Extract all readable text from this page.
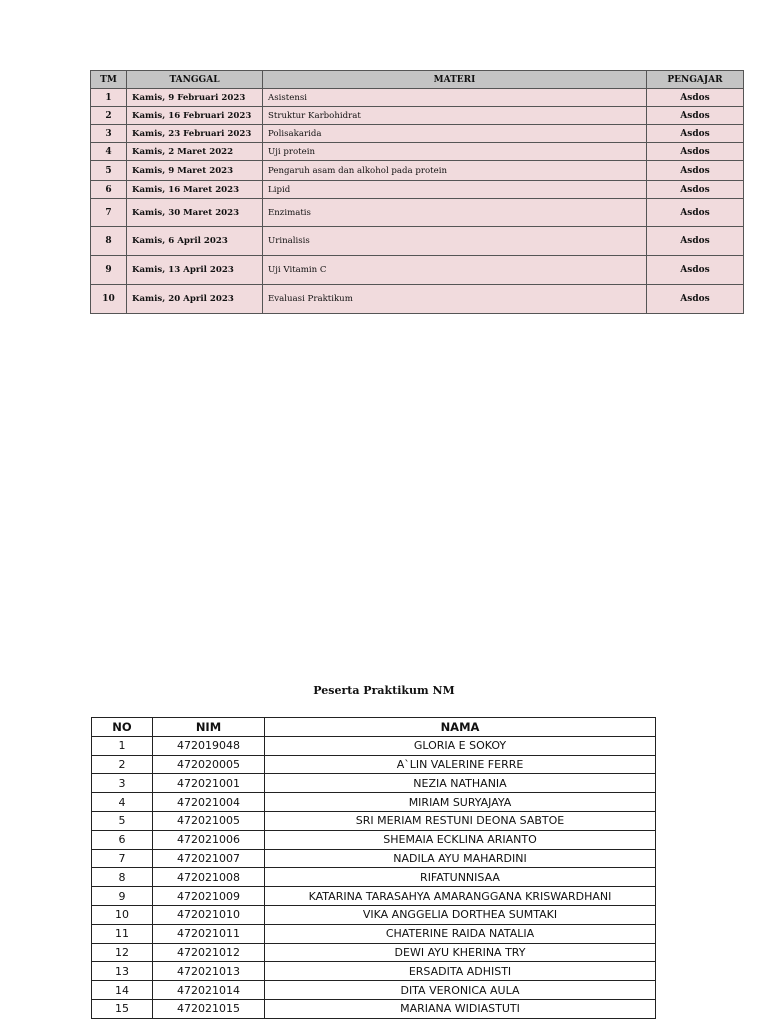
TM	TANGGAL	MATERI	PENGAJAR
1	Kamis, 9 Februari 2023	Asistensi	Asdos
2	Kamis, 16 Februari 2023	Struktur Karbohidrat	Asdos
3	Kamis, 23 Februari 2023	Polisakarida	Asdos
4	Kamis, 2 Maret 2022	Uji protein	Asdos
5	Kamis, 9 Maret 2023	Pengaruh asam dan alkohol pada protein	Asdos
6	Kamis, 16 Maret 2023	Lipid	Asdos
7	Kamis, 30 Maret 2023	Enzimatis	Asdos
8	Kamis, 6 April 2023	Urinalisis	Asdos
9	Kamis, 13 April 2023	Uji Vitamin C	Asdos
10	Kamis, 20 April 2023	Evaluasi Praktikum	Asdos
Peserta Praktikum NM
NO	NIM	NAMA
1	472019048	GLORIA E SOKOY
2	472020005	A`LIN VALERINE FERRE
3	472021001	NEZIA NATHANIA
4	472021004	MIRIAM SURYAJAYA
5	472021005	SRI MERIAM RESTUNI DEONA SABTOE
6	472021006	SHEMAIA ECKLINA ARIANTO
7	472021007	NADILA AYU MAHARDINI
8	472021008	RIFATUNNISAA
9	472021009	KATARINA TARASAHYA AMARANGGANA KRISWARDHANI
10	472021010	VIKA ANGGELIA DORTHEA SUMTAKI
11	472021011	CHATERINE RAIDA NATALIA
12	472021012	DEWI AYU KHERINA TRY
13	472021013	ERSADITA ADHISTI
14	472021014	DITA VERONICA AULA
15	472021015	MARIANA WIDIASTUTI
